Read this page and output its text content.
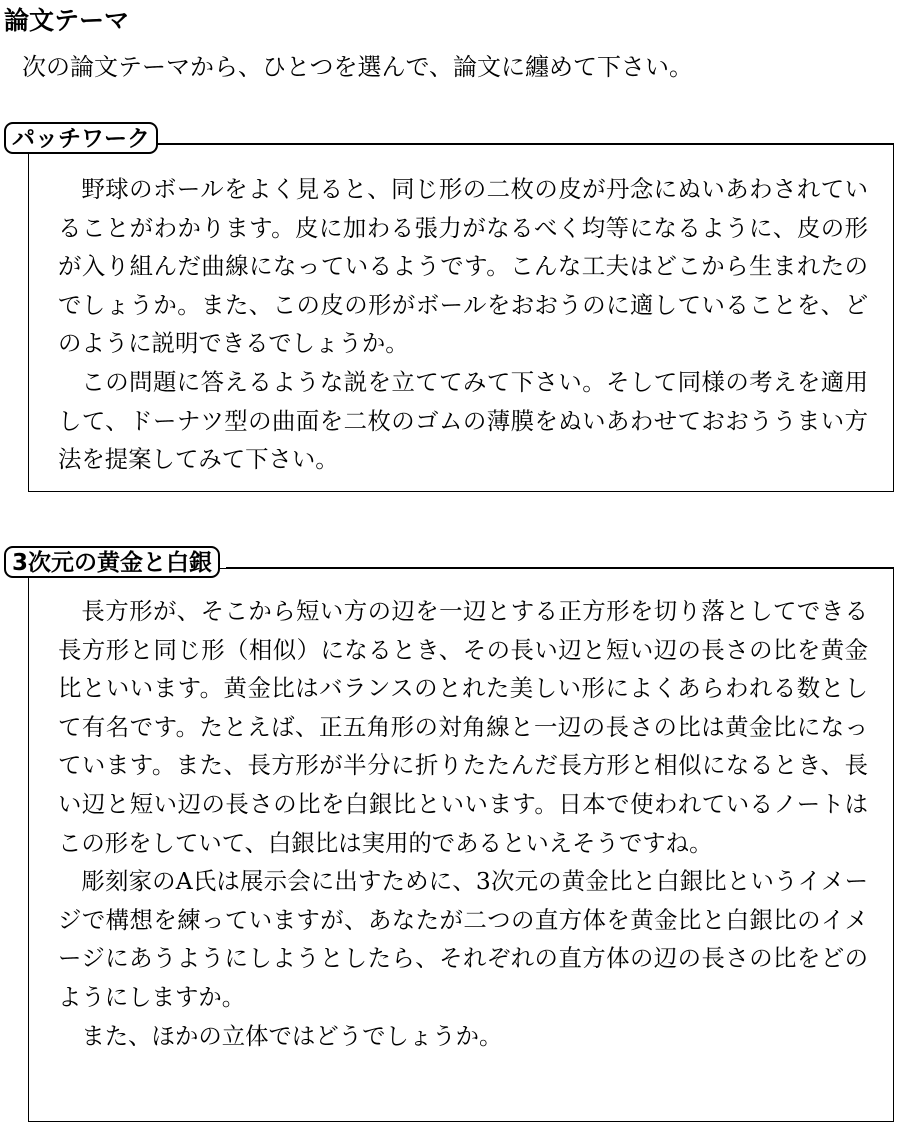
論文テーマ
次の論文テーマから、ひとつを選んで、論文に纏めて下さい。
パッチワーク

野球のボールをよく見ると、同じ形の二枚の皮が丹念にぬいあわされていることがわかります。皮に加わる張力がなるべく均等になるように、皮の形が入り組んだ曲線になっているようです。こんな工夫はどこから生まれたのでしょうか。また、この皮の形がボールをおおうのに適していることを、どのように説明できるでしょうか。

この問題に答えるような説を立ててみて下さい。そして同様の考えを適用して、ドーナツ型の曲面を二枚のゴムの薄膜をぬいあわせておおううまい方法を提案してみて下さい。

3次元の黄金と白銀

長方形が、そこから短い方の辺を一辺とする正方形を切り落としてできる長方形と同じ形（相似）になるとき、その長い辺と短い辺の長さの比を黄金比といいます。黄金比はバランスのとれた美しい形によくあらわれる数として有名です。たとえば、正五角形の対角線と一辺の長さの比は黄金比になっています。また、長方形が半分に折りたたんだ長方形と相似になるとき、長い辺と短い辺の長さの比を白銀比といいます。日本で使われているノートはこの形をしていて、白銀比は実用的であるといえそうですね。

彫刻家のA氏は展示会に出すために、3次元の黄金比と白銀比というイメージで構想を練っていますが、あなたが二つの直方体を黄金比と白銀比のイメージにあうようにしようとしたら、それぞれの直方体の辺の長さの比をどのようにしますか。

また、ほかの立体ではどうでしょうか。
